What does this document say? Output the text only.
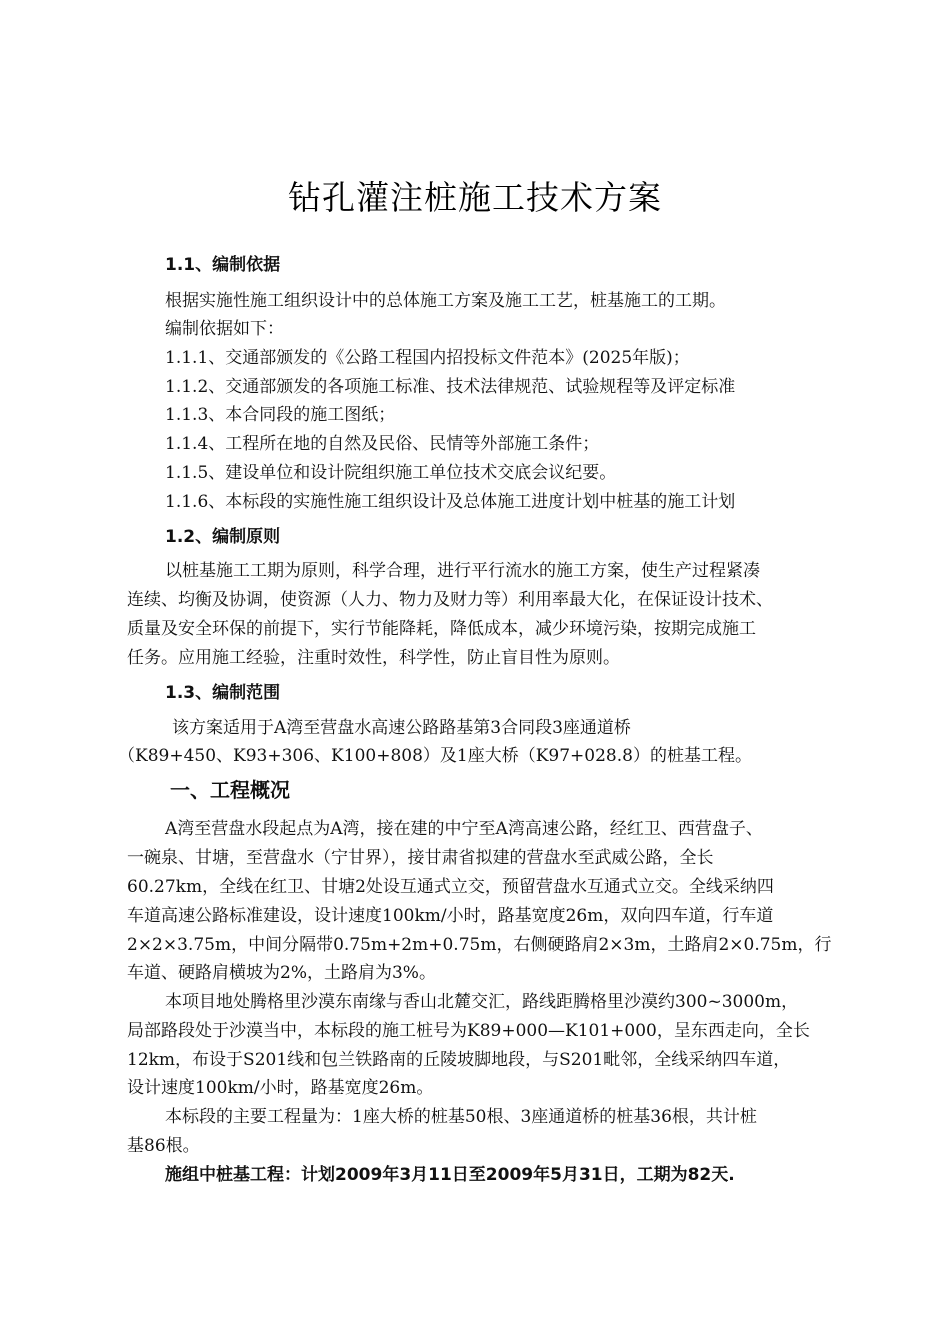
钻孔灌注桩施工技术方案
1.1、编制依据
根据实施性施工组织设计中的总体施工方案及施工工艺，桩基施工的工期。
编制依据如下：
1.1.1、交通部颁发的《公路工程国内招投标文件范本》(2025年版)；
1.1.2、交通部颁发的各项施工标准、技术法律规范、试验规程等及评定标准
1.1.3、本合同段的施工图纸；
1.1.4、工程所在地的自然及民俗、民情等外部施工条件；
1.1.5、建设单位和设计院组织施工单位技术交底会议纪要。
1.1.6、本标段的实施性施工组织设计及总体施工进度计划中桩基的施工计划
1.2、编制原则
以桩基施工工期为原则，科学合理，进行平行流水的施工方案，使生产过程紧凑
连续、均衡及协调，使资源（人力、物力及财力等）利用率最大化，在保证设计技术、
质量及安全环保的前提下，实行节能降耗，降低成本，减少环境污染，按期完成施工
任务。应用施工经验，注重时效性，科学性，防止盲目性为原则。
1.3、编制范围
该方案适用于A湾至营盘水高速公路路基第3合同段3座通道桥
（K89+450、K93+306、K100+808）及1座大桥（K97+028.8）的桩基工程。
一、工程概况
A湾至营盘水段起点为A湾，接在建的中宁至A湾高速公路，经红卫、西营盘子、
一碗泉、甘塘，至营盘水（宁甘界），接甘肃省拟建的营盘水至武威公路，全长
60.27km，全线在红卫、甘塘2处设互通式立交，预留营盘水互通式立交。全线采纳四
车道高速公路标准建设，设计速度100km/小时，路基宽度26m，双向四车道，行车道
2×2×3.75m，中间分隔带0.75m+2m+0.75m，右侧硬路肩2×3m，土路肩2×0.75m，行
车道、硬路肩横坡为2%，土路肩为3%。
本项目地处腾格里沙漠东南缘与香山北麓交汇，路线距腾格里沙漠约300~3000m，
局部路段处于沙漠当中，本标段的施工桩号为K89+000—K101+000，呈东西走向，全长
12km，布设于S201线和包兰铁路南的丘陵坡脚地段，与S201毗邻，全线采纳四车道，
设计速度100km/小时，路基宽度26m。
本标段的主要工程量为：1座大桥的桩基50根、3座通道桥的桩基36根，共计桩
基86根。
施组中桩基工程：计划2009年3月11日至2009年5月31日，工期为82天.
